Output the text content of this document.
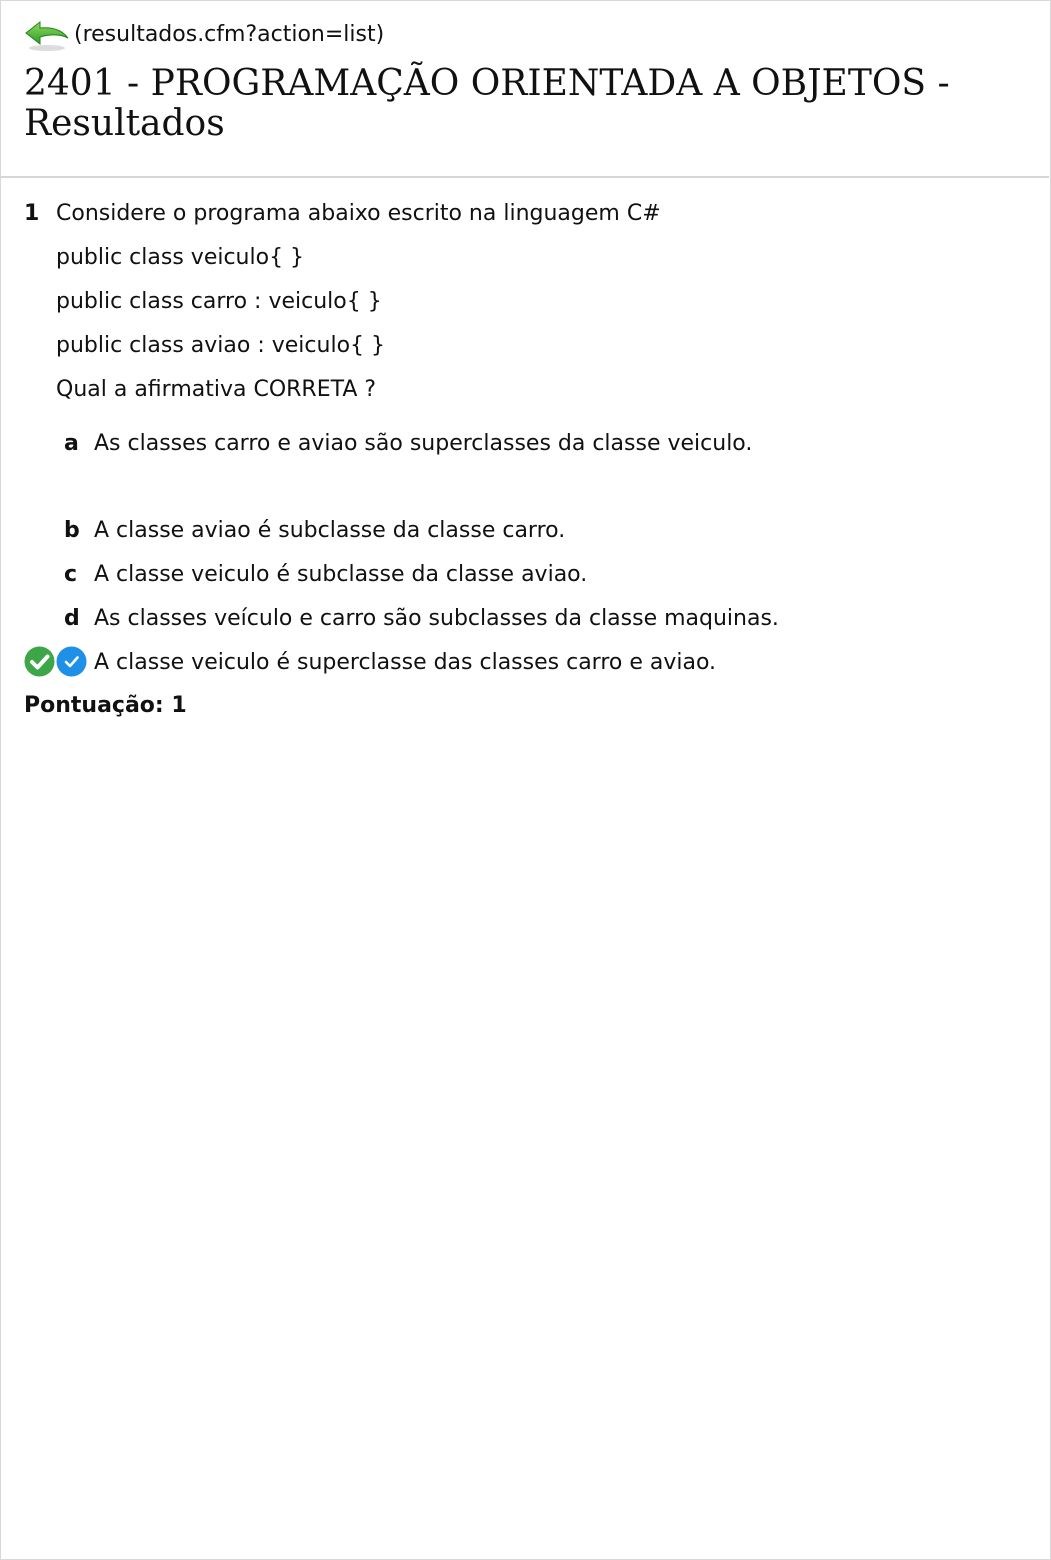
(resultados.cfm?action=list)
2401 - PROGRAMAÇÃO ORIENTADA A OBJETOS -
Resultados
1 Considere o programa abaixo escrito na linguagem C#
public class veiculo{ }
public class carro : veiculo{ }
public class aviao : veiculo{ }
Qual a afirmativa CORRETA ?
a As classes carro e aviao são superclasses da classe veiculo.
b A classe aviao é subclasse da classe carro.
c A classe veiculo é subclasse da classe aviao.
d As classes veículo e carro são subclasses da classe maquinas.
A classe veiculo é superclasse das classes carro e aviao.
Pontuação: 1
